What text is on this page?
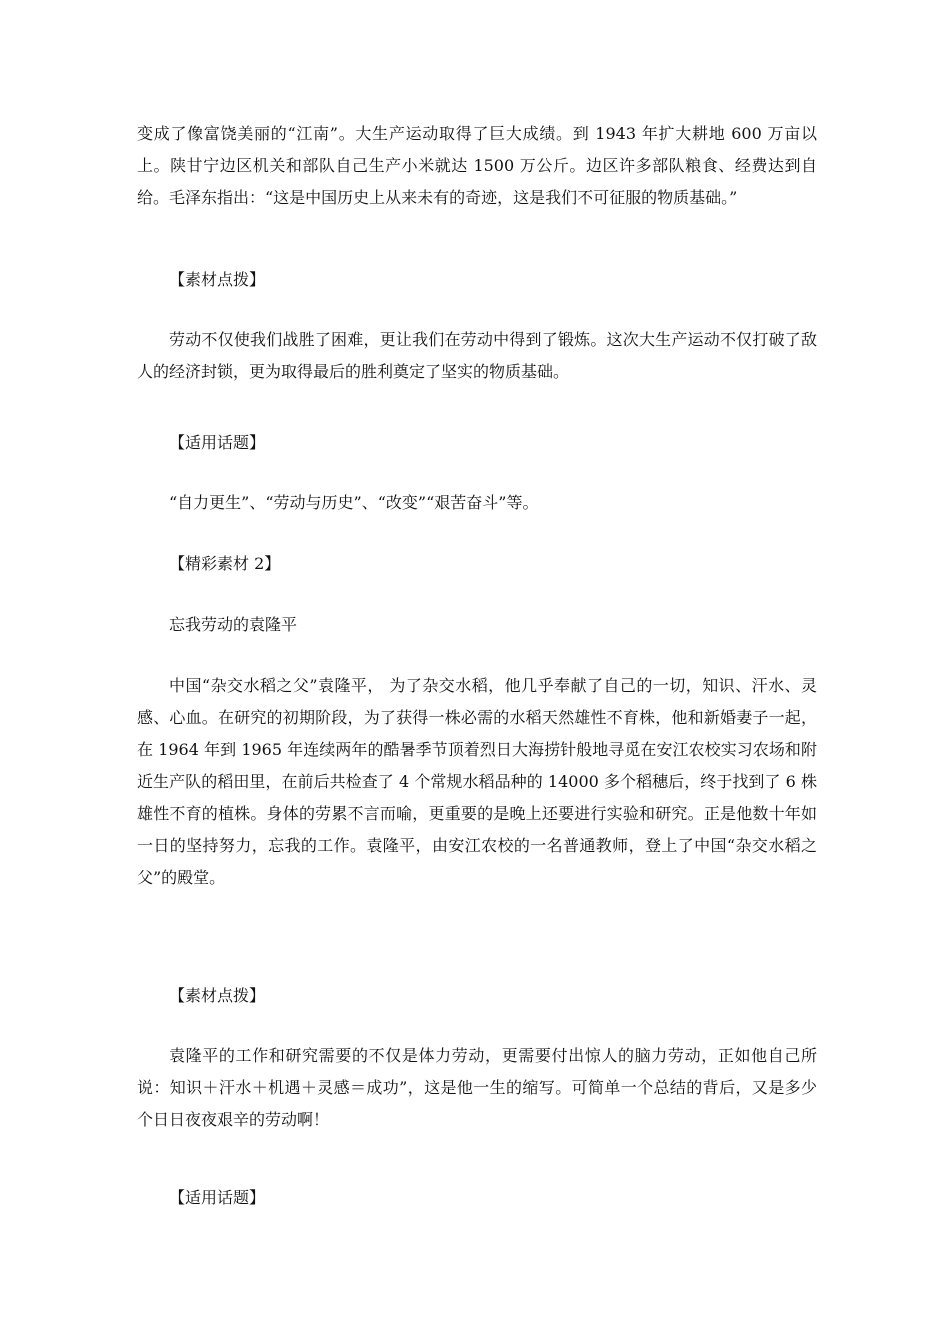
变成了像富饶美丽的“江南”。大生产运动取得了巨大成绩。到 1943 年扩大耕地 600 万亩以上。陕甘宁边区机关和部队自己生产小米就达 1500 万公斤。边区许多部队粮食、经费达到自给。毛泽东指出：“这是中国历史上从来未有的奇迹，这是我们不可征服的物质基础。”
【素材点拨】
劳动不仅使我们战胜了困难，更让我们在劳动中得到了锻炼。这次大生产运动不仅打破了敌人的经济封锁，更为取得最后的胜利奠定了坚实的物质基础。
【适用话题】
“自力更生”、“劳动与历史”、“改变”“艰苦奋斗”等。
【精彩素材 2】
忘我劳动的袁隆平
中国“杂交水稻之父”袁隆平， 为了杂交水稻，他几乎奉献了自己的一切，知识、汗水、灵感、心血。在研究的初期阶段，为了获得一株必需的水稻天然雄性不育株，他和新婚妻子一起，在 1964 年到 1965 年连续两年的酷暑季节顶着烈日大海捞针般地寻觅在安江农校实习农场和附近生产队的稻田里，在前后共检查了 4 个常规水稻品种的 14000 多个稻穗后，终于找到了 6 株雄性不育的植株。身体的劳累不言而喻，更重要的是晚上还要进行实验和研究。正是他数十年如一日的坚持努力，忘我的工作。袁隆平，由安江农校的一名普通教师，登上了中国“杂交水稻之父”的殿堂。
【素材点拨】
袁隆平的工作和研究需要的不仅是体力劳动，更需要付出惊人的脑力劳动，正如他自己所说：知识＋汗水＋机遇＋灵感＝成功”，这是他一生的缩写。可简单一个总结的背后，又是多少个日日夜夜艰辛的劳动啊！
【适用话题】
